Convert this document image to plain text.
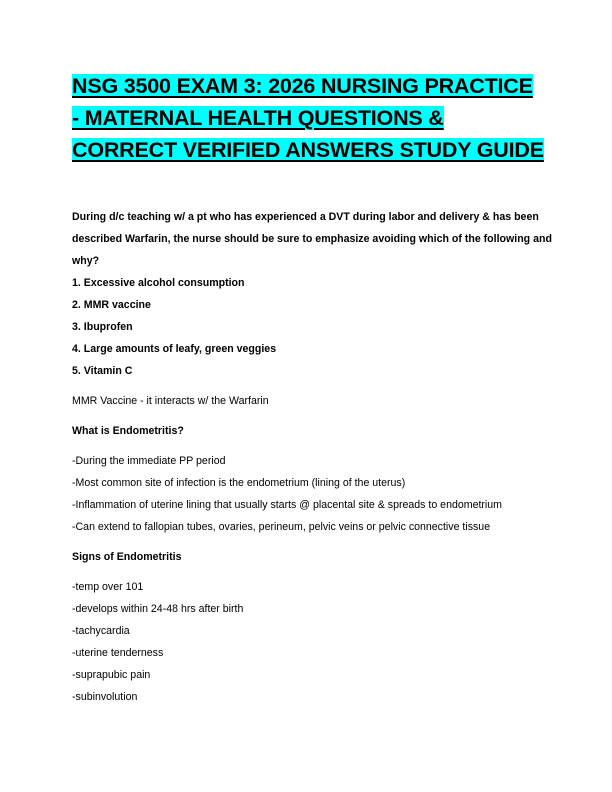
NSG 3500 EXAM 3: 2026 NURSING PRACTICE - MATERNAL HEALTH QUESTIONS & CORRECT VERIFIED ANSWERS STUDY GUIDE

During d/c teaching w/ a pt who has experienced a DVT during labor and delivery & has been described Warfarin, the nurse should be sure to emphasize avoiding which of the following and why?

1. Excessive alcohol consumption
2. MMR vaccine
3. Ibuprofen
4. Large amounts of leafy, green veggies
5. Vitamin C
MMR Vaccine - it interacts w/ the Warfarin
What is Endometritis?
-During the immediate PP period
-Most common site of infection is the endometrium (lining of the uterus)
-Inflammation of uterine lining that usually starts @ placental site & spreads to endometrium
-Can extend to fallopian tubes, ovaries, perineum, pelvic veins or pelvic connective tissue
Signs of Endometritis
-temp over 101
-develops within 24-48 hrs after birth
-tachycardia
-uterine tenderness
-suprapubic pain
-subinvolution
